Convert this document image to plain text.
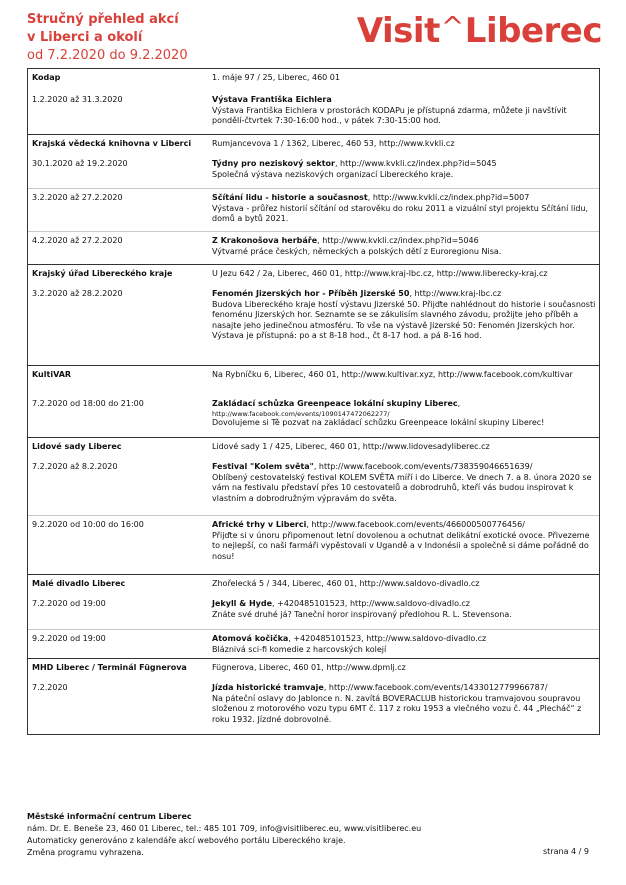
Stručný přehled akcí
v Liberci a okolí
od 7.2.2020 do 9.2.2020
Visit^Liberec
Kodap	1. máje 97 / 25, Liberec, 460 01
1.2.2020 až 31.3.2020	Výstava Františka Eichlera
Výstava Františka Eichlera v prostorách KODAPu je přístupná zdarma, můžete ji navštívit pondělí-čtvrtek 7:30-16:00 hod., v pátek 7:30-15:00 hod.
Krajská vědecká knihovna v Liberci	Rumjancevova 1 / 1362, Liberec, 460 53, http://www.kvkli.cz
30.1.2020 až 19.2.2020	Týdny pro neziskový sektor, http://www.kvkli.cz/index.php?id=5045
Společná výstava neziskových organizací Libereckého kraje.
3.2.2020 až 27.2.2020	Sčítání lidu - historie a současnost, http://www.kvkli.cz/index.php?id=5007
Výstava - průřez historií sčítání od starověku do roku 2011 a vizuální styl projektu Sčítání lidu, domů a bytů 2021.
4.2.2020 až 27.2.2020	Z Krakonošova herbáře, http://www.kvkli.cz/index.php?id=5046
Výtvarné práce českých, německých a polských dětí z Euroregionu Nisa.
Krajský úřad Libereckého kraje	U Jezu 642 / 2a, Liberec, 460 01, http://www.kraj-lbc.cz, http://www.liberecky-kraj.cz
3.2.2020 až 28.2.2020	Fenomén Jizerských hor - Příběh Jizerské 50, http://www.kraj-lbc.cz
Budova Libereckého kraje hostí výstavu Jizerské 50. Přijďte nahlédnout do historie i současnosti fenoménu Jizerských hor. Seznamte se se zákulisím slavného závodu, prožijte jeho příběh a nasajte jeho jedinečnou atmosféru. To vše na výstavě Jizerské 50: Fenomén Jizerských hor. Výstava je přístupná: po a st 8-18 hod., čt 8-17 hod. a pá 8-16 hod.
KultiVAR	Na Rybníčku 6, Liberec, 460 01, http://www.kultivar.xyz, http://www.facebook.com/kultivar
7.2.2020 od 18:00 do 21:00	Zakládací schůzka Greenpeace lokální skupiny Liberec,
http://www.facebook.com/events/1090147472062277/
Dovolujeme si Tě pozvat na zakládací schůzku Greenpeace lokální skupiny Liberec!
Lidové sady Liberec	Lidové sady 1 / 425, Liberec, 460 01, http://www.lidovesadyliberec.cz
7.2.2020 až 8.2.2020	Festival "Kolem světa", http://www.facebook.com/events/738359046651639/
Oblíbený cestovatelský festival KOLEM SVĚTA míří i do Liberce. Ve dnech 7. a 8. února 2020 se vám na festivalu představí přes 10 cestovatelů a dobrodruhů, kteří vás budou inspirovat k vlastním a dobrodružným výpravám do světa.
9.2.2020 od 10:00 do 16:00	Africké trhy v Liberci, http://www.facebook.com/events/466000500776456/
Přijďte si v únoru připomenout letní dovolenou a ochutnat delikátní exotické ovoce. Přivezeme to nejlepší, co naši farmáři vypěstovali v Ugandě a v Indonésii a společně si dáme pořádně do nosu!
Malé divadlo Liberec	Zhořelecká 5 / 344, Liberec, 460 01, http://www.saldovo-divadlo.cz
7.2.2020 od 19:00	Jekyll & Hyde, +420485101523, http://www.saldovo-divadlo.cz
Znáte své druhé já? Taneční horor inspirovaný předlohou R. L. Stevensona.
9.2.2020 od 19:00	Atomová kočička, +420485101523, http://www.saldovo-divadlo.cz
Bláznivá sci-fi komedie z harcovských kolejí
MHD Liberec / Terminál Fügnerova	Fügnerova, Liberec, 460 01, http://www.dpmlj.cz
7.2.2020	Jízda historické tramvaje, http://www.facebook.com/events/1433012779966787/
Na páteční oslavy do Jablonce n. N. zavítá BOVERACLUB historickou tramvajovou soupravou složenou z motorového vozu typu 6MT č. 117 z roku 1953 a vlečného vozu č. 44 „Plecháč“ z roku 1932. Jízdné dobrovolné.
Městské informační centrum Liberec
nám. Dr. E. Beneše 23, 460 01 Liberec, tel.: 485 101 709, info@visitliberec.eu, www.visitliberec.eu
Automaticky generováno z kalendáře akcí webového portálu Libereckého kraje.
Změna programu vyhrazena.	strana 4 / 9
